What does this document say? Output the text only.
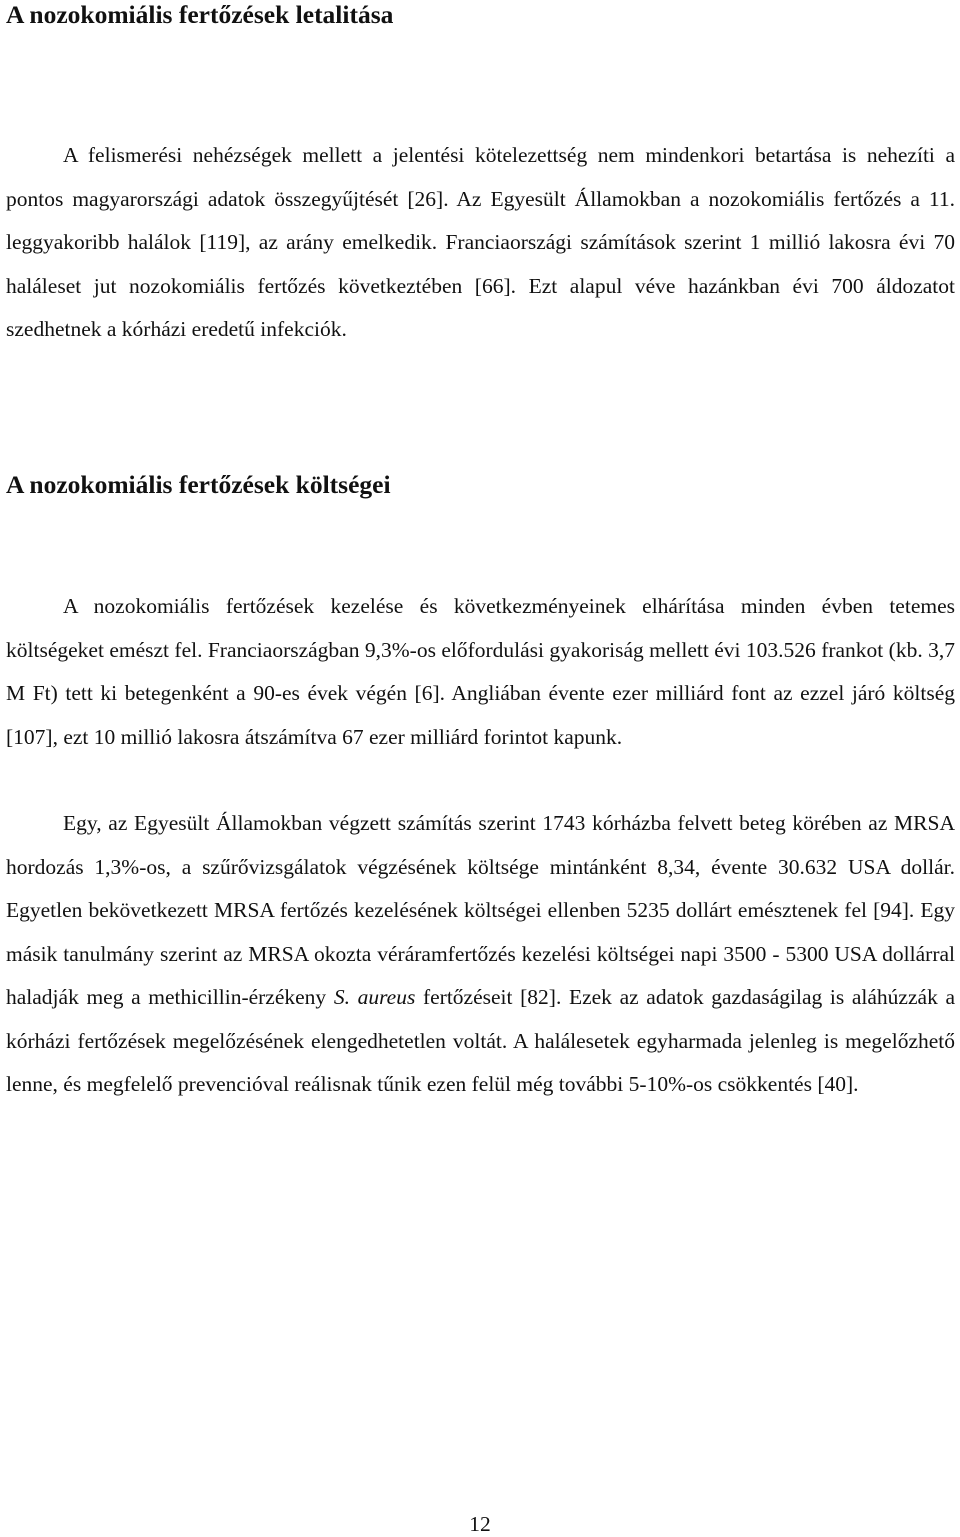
A nozokomiális fertőzések letalitása

A felismerési nehézségek mellett a jelentési kötelezettség nem mindenkori betartása is nehezíti a pontos magyarországi adatok összegyűjtését [26]. Az Egyesült Államokban a nozokomiális fertőzés a 11. leggyakoribb halálok [119], az arány emelkedik. Franciaországi számítások szerint 1 millió lakosra évi 70 haláleset jut nozokomiális fertőzés következtében [66]. Ezt alapul véve hazánkban évi 700 áldozatot szedhetnek a kórházi eredetű infekciók.

A nozokomiális fertőzések költségei

A nozokomiális fertőzések kezelése és következményeinek elhárítása minden évben tetemes költségeket emészt fel. Franciaországban 9,3%-os előfordulási gyakoriság mellett évi 103.526 frankot (kb. 3,7 M Ft) tett ki betegenként a 90-es évek végén [6]. Angliában évente ezer milliárd font az ezzel járó költség [107], ezt 10 millió lakosra átszámítva 67 ezer milliárd forintot kapunk.

Egy, az Egyesült Államokban végzett számítás szerint 1743 kórházba felvett beteg körében az MRSA hordozás 1,3%-os, a szűrővizsgálatok végzésének költsége mintánként 8,34, évente 30.632 USA dollár. Egyetlen bekövetkezett MRSA fertőzés kezelésének költségei ellenben 5235 dollárt emésztenek fel [94]. Egy másik tanulmány szerint az MRSA okozta véráramfertőzés kezelési költségei napi 3500 - 5300 USA dollárral haladják meg a methicillin-érzékeny S. aureus fertőzéseit [82]. Ezek az adatok gazdaságilag is aláhúzzák a kórházi fertőzések megelőzésének elengedhetetlen voltát. A halálesetek egyharmada jelenleg is megelőzhető lenne, és megfelelő prevencióval reálisnak tűnik ezen felül még további 5-10%-os csökkentés [40].

12
